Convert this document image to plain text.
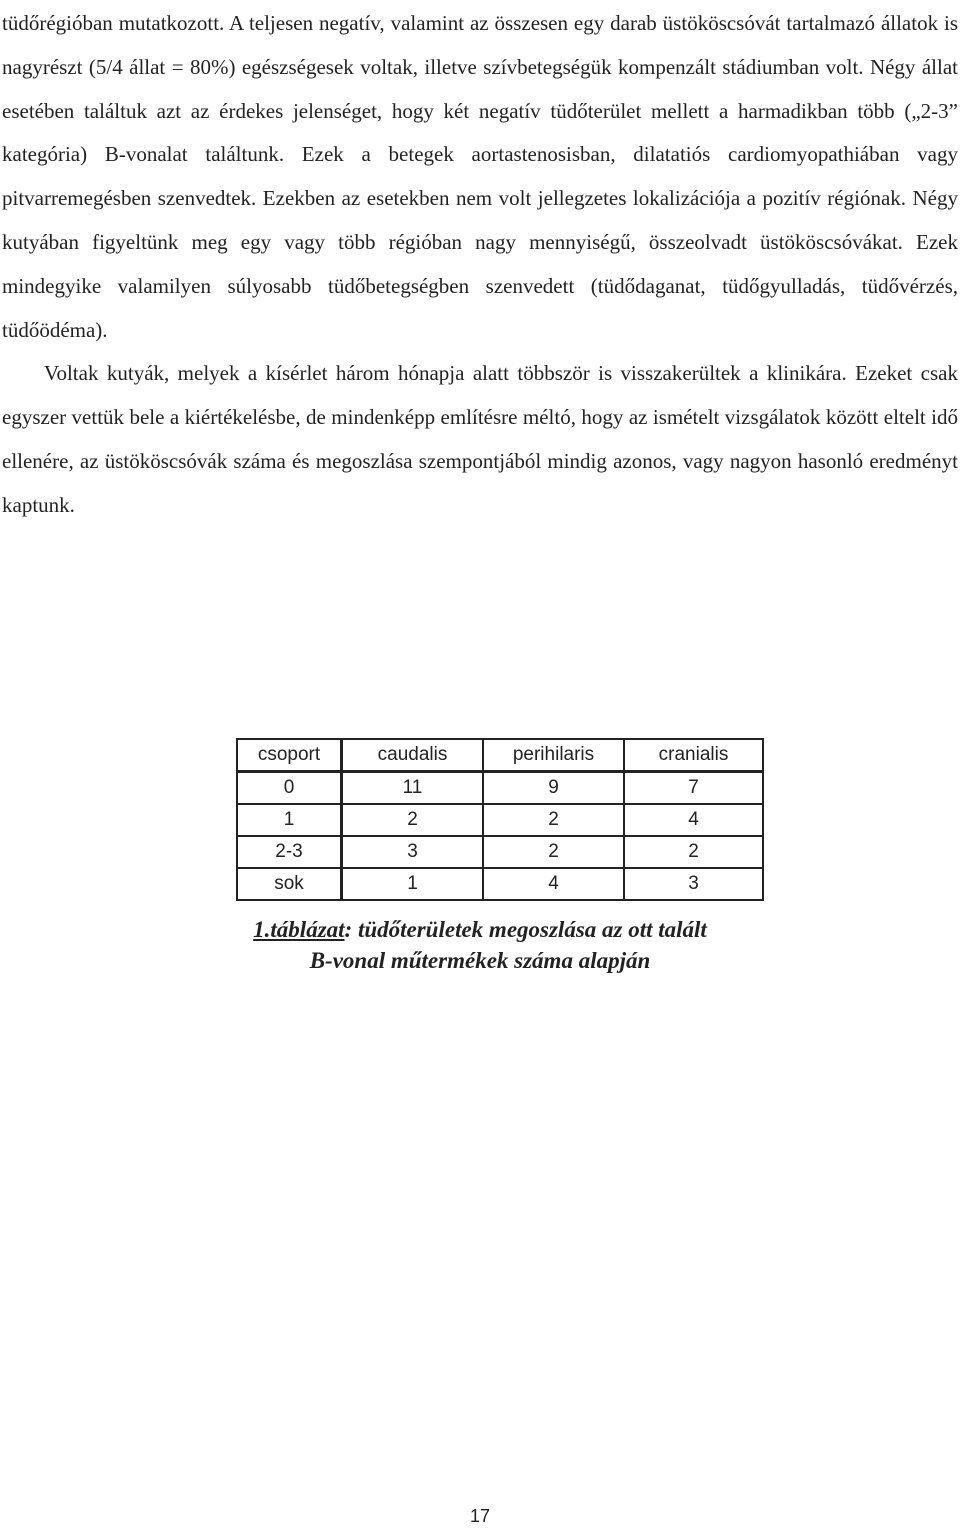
tüdőrégióban mutatkozott. A teljesen negatív, valamint az összesen egy darab üstököscsóvát tartalmazó állatok is nagyrészt (5/4 állat = 80%) egészségesek voltak, illetve szívbetegségük kompenzált stádiumban volt. Négy állat esetében találtuk azt az érdekes jelenséget, hogy két negatív tüdőterület mellett a harmadikban több („2-3” kategória) B-vonalat találtunk. Ezek a betegek aortastenosisban, dilatatiós cardiomyopathiában vagy pitvarremegésben szenvedtek. Ezekben az esetekben nem volt jellegzetes lokalizációja a pozitív régiónak. Négy kutyában figyeltünk meg egy vagy több régióban nagy mennyiségű, összeolvadt üstököscsóvákat. Ezek mindegyike valamilyen súlyosabb tüdőbetegségben szenvedett (tüdődaganat, tüdőgyulladás, tüdővérzés, tüdőödéma).

Voltak kutyák, melyek a kísérlet három hónapja alatt többször is visszakerültek a klinikára. Ezeket csak egyszer vettük bele a kiértékelésbe, de mindenképp említésre méltó, hogy az ismételt vizsgálatok között eltelt idő ellenére, az üstököscsóvák száma és megoszlása szempontjából mindig azonos, vagy nagyon hasonló eredményt kaptunk.

csoport	caudalis	perihilaris	cranialis
0	11	9	7
1	2	2	4
2-3	3	2	2
sok	1	4	3
1.táblázat: tüdőterületek megoszlása az ott talált
B-vonal műtermékek száma alapján
17
